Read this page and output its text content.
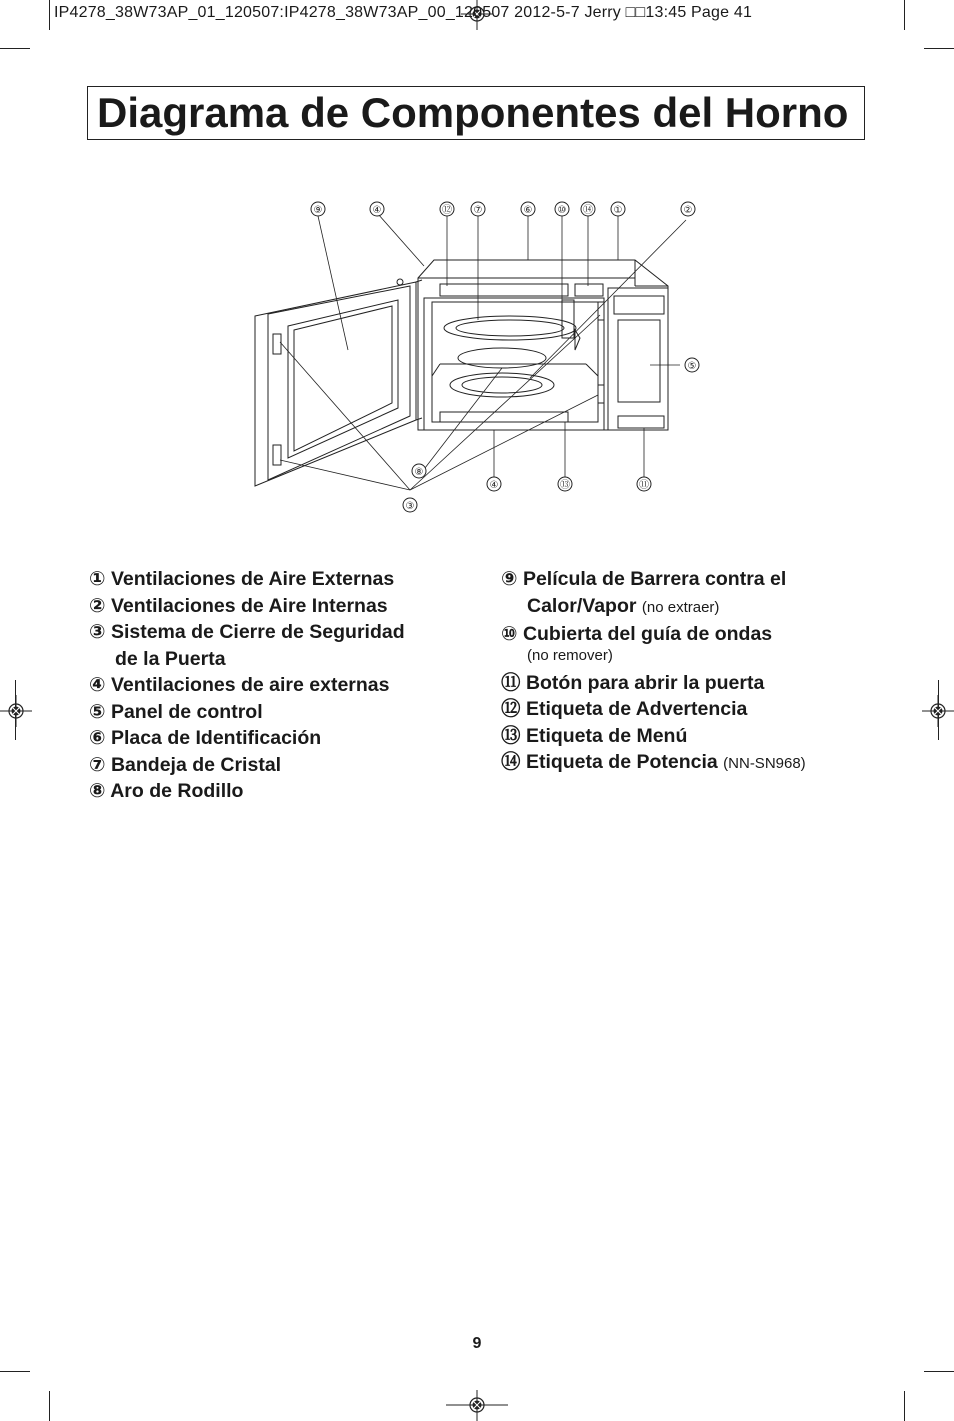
IP4278_38W73AP_01_120507:IP4278_38W73AP_00_120507 2012-5-7 Jerry □□13:45 Page 41
Diagrama de Componentes del Horno
⑨	④	⑫ ⑦	⑥	⑩ ⑭ ①	②
⑤
⑧
③
④	⑬	⑪
① Ventilaciones de Aire Externas
② Ventilaciones de Aire Internas
③ Sistema de Cierre de Seguridad
de la Puerta
④ Ventilaciones de aire externas
⑤ Panel de control
⑥ Placa de Identificación
⑦ Bandeja de Cristal
⑧ Aro de Rodillo
⑨ Película de Barrera contra el
Calor/Vapor (no extraer)
⑩ Cubierta del guía de ondas
(no remover)
⑪ Botón para abrir la puerta
⑫ Etiqueta de Advertencia
⑬ Etiqueta de Menú
⑭ Etiqueta de Potencia (NN-SN968)
9
